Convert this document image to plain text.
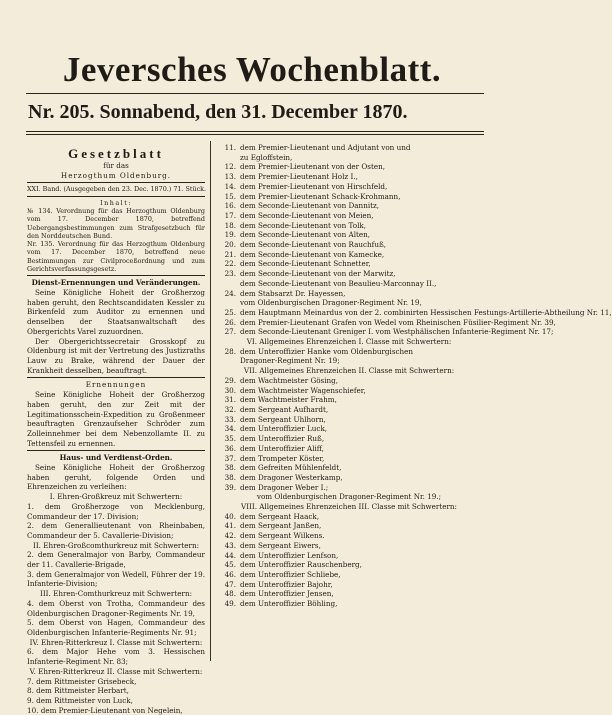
Jeversches Wochenblatt.
Nr. 205. Sonnabend, den 31. December 1870.
Gesetzblatt
für das
Herzogthum Oldenburg.
XXI. Band. (Ausgegeben den 23. Dec. 1870.) 71. Stück.
Inhalt:
№ 134. Verordnung für das Herzogthum Oldenburg vom 17. December 1870, betreffend Uebergangsbestimmungen zum Strafgesetzbuch für den Norddeutschen Bund.
Nr. 135. Verordnung für das Herzogthum Oldenburg vom 17. December 1870, betreffend neue Bestimmungen zur Civilproceßordnung und zum Gerichtsverfassungsgesetz.
Dienst-Ernennungen und Veränderungen.
Seine Königliche Hoheit der Großherzog haben geruht, den Rechtscandidaten Kessler zu Birkenfeld zum Auditor zu ernennen und denselben der Staatsanwaltschaft des Obergerichts Varel zuzuordnen.
Der Obergerichtssecretair Grosskopf zu Oldenburg ist mit der Vertretung des Justizraths Lauw zu Brake, während der Dauer der Krankheit desselben, beauftragt.
Ernennungen
Seine Königliche Hoheit der Großherzog haben geruht, den zur Zeit mit der Legitimationsschein-Expedition zu Großenmeer beauftragten Grenzaufseher Schröder zum Zolleinnehmer bei dem Nebenzollamte II. zu Tettensfeil zu ernennen.
Haus- und Verdienst-Orden.
Seine Königliche Hoheit der Großherzog haben geruht, folgende Orden und Ehrenzeichen zu verleihen:
I. Ehren-Großkreuz mit Schwertern:
1. dem Großherzoge von Mecklenburg, Commandeur der 17. Division;
2. dem Generallieutenant von Rheinbaben, Commandeur der 5. Cavallerie-Division;
II. Ehren-Großcomthurkreuz mit Schwertern:
2. dem Generalmajor von Barby, Commandeur der 11. Cavallerie-Brigade,
3. dem Generalmajor von Wedell, Führer der 19. Infanterie-Division;
III. Ehren-Comthurkreuz mit Schwertern:
4. dem Oberst von Trotha, Commandeur des Oldenburgischen Dragoner-Regiments Nr. 19,
5. dem Oberst von Hagen, Commandeur des Oldenburgischen Infanterie-Regiments Nr. 91;
IV. Ehren-Ritterkreuz I. Classe mit Schwertern:
6. dem Major Hehe vom 3. Hessischen Infanterie-Regiment Nr. 83;
V. Ehren-Ritterkreuz II. Classe mit Schwertern:
7. dem Rittmeister Grisebeck,
8. dem Rittmeister Herbart,
9. dem Rittmeister von Luck,
10. dem Premier-Lieutenant von Negelein,
11. dem Premier-Lieutenant und Adjutant von und
zu Egloffstein,
12. dem Premier-Lieutenant von der Osten,
13. dem Premier-Lieutenant Holz I.,
14. dem Premier-Lieutenant von Hirschfeld,
15. dem Premier-Lieutenant Schack-Krohmann,
16. dem Seconde-Lieutenant von Dannitz,
17. dem Seconde-Lieutenant von Meien,
18. dem Seconde-Lieutenant von Tolk,
19. dem Seconde-Lieutenant von Alten,
20. dem Seconde-Lieutenant von Rauchfuß,
21. dem Seconde-Lieutenant von Kamecke,
22. dem Seconde-Lieutenant Schnetter,
23. dem Seconde-Lieutenant von der Marwitz,
dem Seconde-Lieutenant von Beaulieu-Marconnay II.,
24. dem Stabsarzt Dr. Hayessen,
vom Oldenburgischen Dragoner-Regiment Nr. 19,
25. dem Hauptmann Meinardus von der 2. combinirten Hessischen Festungs-Artillerie-Abtheilung Nr. 11,
26. dem Premier-Lieutenant Grafen von Wedel vom Rheinischen Füsilier-Regiment Nr. 39,
27. dem Seconde-Lieutenant Greniger I. vom Westphälischen Infanterie-Regiment Nr. 17;
VI. Allgemeines Ehrenzeichen I. Classe mit Schwertern:
28. dem Unteroffizier Hanke vom Oldenburgischen
Dragoner-Regiment Nr. 19;
VII. Allgemeines Ehrenzeichen II. Classe mit Schwertern:
29. dem Wachtmeister Gösing,
30. dem Wachtmeister Wagenschiefer,
31. dem Wachtmeister Frahm,
32. dem Sergeant Aufhardt,
33. dem Sergeant Uhlhorn,
34. dem Unteroffizier Luck,
35. dem Unteroffizier Ruß,
36. dem Unteroffizier Aliff,
37. dem Trompeter Köster,
38. dem Gefreiten Mühlenfeldt,
38. dem Dragoner Westerkamp,
39. dem Dragoner Weber I.;
vom Oldenburgischen Dragoner-Regiment Nr. 19.;
VIII. Allgemeines Ehrenzeichen III. Classe mit Schwertern:
40. dem Sergeant Haack,
41. dem Sergeant Janßen,
42. dem Sergeant Wilkens.
43. dem Sergeant Eiwers,
44. dem Unteroffizier Lenfson,
45. dem Unteroffizier Rauschenberg,
46. dem Unteroffizier Schliebe,
47. dem Unteroffizier Bajohr,
48. dem Unteroffizier Jensen,
49. dem Unteroffizier Böhling,
